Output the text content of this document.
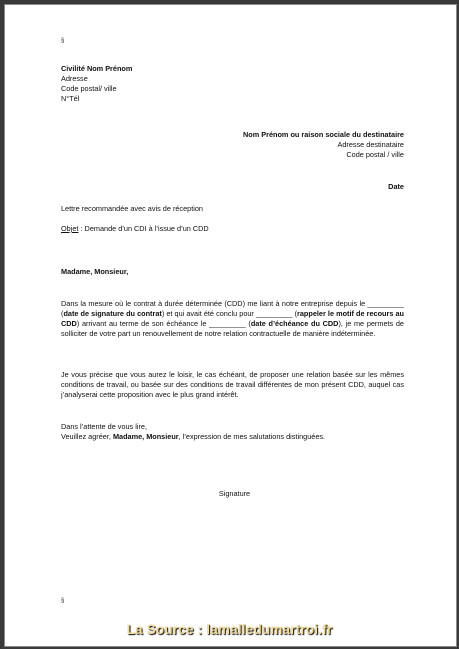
§
Civilité Nom Prénom
Adresse
Code postal/ ville
N°Tél
Nom Prénom ou raison sociale du destinataire
Adresse destinataire
Code postal / ville
Date
Lettre recommandée avec avis de réception
Objet : Demande d’un CDI à l’issue d’un CDD
Madame, Monsieur,
Dans la mesure où le contrat à durée déterminée (CDD) me liant à notre entreprise depuis le _________ (date de signature du contrat) et qui avait été conclu pour _________ (rappeler le motif de recours au CDD) arrivant au terme de son échéance le _________ (date d’échéance du CDD), je me permets de solliciter de votre part un renouvellement de notre relation contractuelle de manière indéterminée.
Je vous précise que vous aurez le loisir, le cas échéant, de proposer une relation basée sur les mêmes conditions de travail, ou basée sur des conditions de travail différentes de mon présent CDD, auquel cas j’analyserai cette proposition avec le plus grand intérêt.
Dans l’attente de vous lire,
Veuillez agréer, Madame, Monsieur, l’expression de mes salutations distinguées.
Signature
§
La Source : lamalledumartroi.fr
